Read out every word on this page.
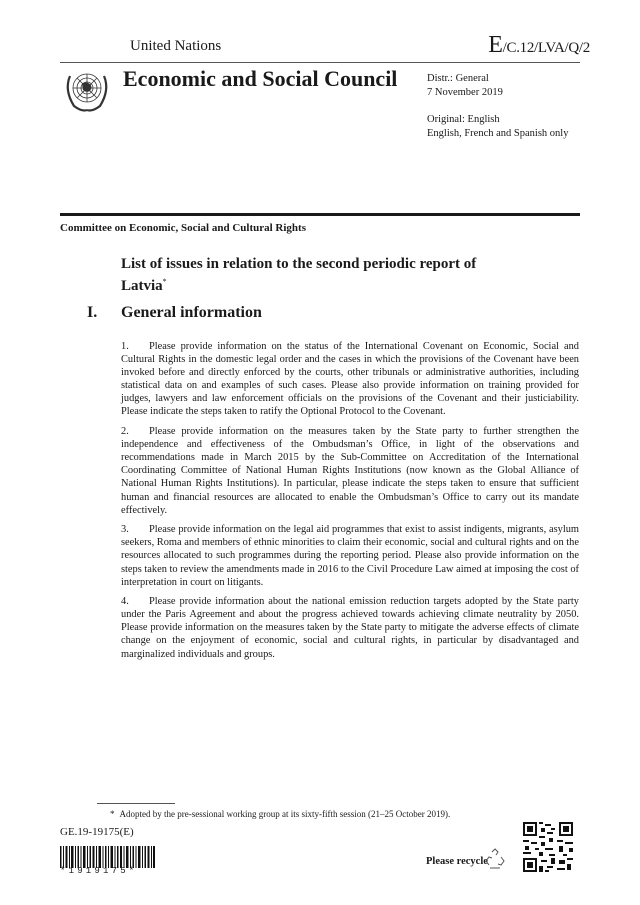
United Nations	E/C.12/LVA/Q/2
Economic and Social Council	Distr.: General
7 November 2019
Original: English
English, French and Spanish only
Committee on Economic, Social and Cultural Rights
List of issues in relation to the second periodic report of
Latvia*
I. General information

1. Please provide information on the status of the International Covenant on Economic, Social and Cultural Rights in the domestic legal order and the cases in which the provisions of the Covenant have been invoked before and directly enforced by the courts, other tribunals or administrative authorities, including statistical data on and examples of such cases. Please also provide information on training provided for judges, lawyers and law enforcement officials on the provisions of the Covenant and their justiciability. Please indicate the steps taken to ratify the Optional Protocol to the Covenant.

2. Please provide information on the measures taken by the State party to further strengthen the independence and effectiveness of the Ombudsman’s Office, in light of the observations and recommendations made in March 2015 by the Sub-Committee on Accreditation of the International Coordinating Committee of National Human Rights Institutions (now known as the Global Alliance of National Human Rights Institutions). In particular, please indicate the steps taken to ensure that sufficient human and financial resources are allocated to enable the Ombudsman’s Office to carry out its mandate effectively.

3. Please provide information on the legal aid programmes that exist to assist indigents, migrants, asylum seekers, Roma and members of ethnic minorities to claim their economic, social and cultural rights and on the resources allocated to such programmes during the reporting period. Please also provide information on the steps taken to review the amendments made in 2016 to the Civil Procedure Law aimed at imposing the cost of interpretation in court on litigants.

4. Please provide information about the national emission reduction targets adopted by the State party under the Paris Agreement and about the progress achieved towards achieving climate neutrality by 2050. Please provide information on the measures taken by the State party to mitigate the adverse effects of climate change on the enjoyment of economic, social and cultural rights, in particular by disadvantaged and marginalized individuals and groups.

* Adopted by the pre-sessional working group at its sixty-fifth session (21–25 October 2019).
GE.19-19175(E)
*1919175*
Please recycle
